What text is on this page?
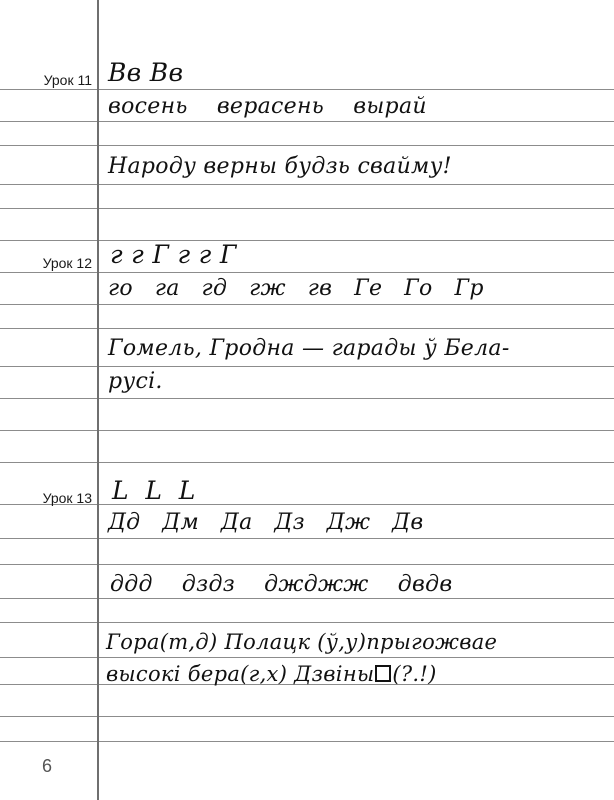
Урок 11 Вв Вв
восень    верасень    вырай
Народу верны будзь свайму!
Урок 12 г г Г г г Г
го   га   гд   гж   гв   Ге   Го   Гр
Гомель, Гродна — гарады ў Бела-
русі.
Урок 13 L  L  L
Дд   Дм   Да   Дз   Дж   Дв
ддд    дздз    джджж    двдв
Гора(т,д) Полацк (ў,у)прыгожвае
высокі бера(г,х) Дзвіны (?.!)
6
